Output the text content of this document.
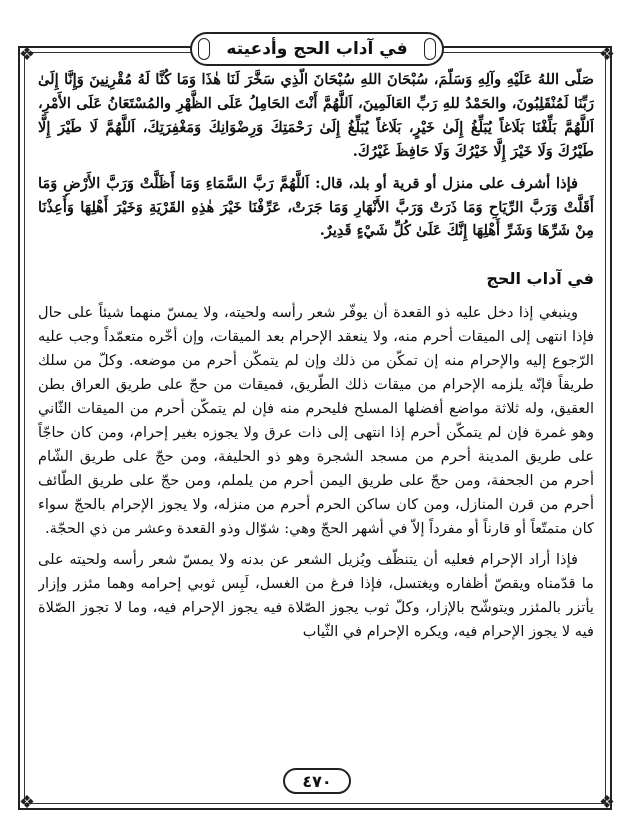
❖	❖
❖	❖
في آداب الحج وأدعيته

صَلَّى اللهُ عَلَيْهِ وآلِهِ وَسَلَّمَ، سُبْحَانَ اللهِ سُبْحَانَ الَّذِي سَخَّرَ لَنَا هٰذَا وَمَا كُنَّا لَهُ مُقْرِنِينَ وَإِنَّا إِلَىٰ رَبِّنَا لَمُنْقَلِبُونَ، والحَمْدُ للهِ رَبِّ العَالَمِينَ، اَللَّهُمَّ أَنْتَ الحَامِلُ عَلَى الظَّهْرِ والمُسْتَعَانُ عَلَى الأَمْرِ، اَللَّهُمَّ بَلِّغْنَا بَلَاغاً يُبَلِّغُ إِلَىٰ خَيْرٍ، بَلَاغاً يُبَلِّغُ إِلَىٰ رَحْمَتِكَ وَرِضْوَانِكَ وَمَغْفِرَتِكَ، اَللَّهُمَّ لَا طَيْرَ إِلَّا طَيْرُكَ وَلَا خَيْرَ إِلَّا خَيْرُكَ وَلَا حَافِظَ غَيْرُكَ.

فإذا أشرف على منزل أو قرية أو بلد، قال: اَللَّهُمَّ رَبَّ السَّمَاءِ وَمَا أَظَلَّتْ وَرَبَّ الأَرْضِ وَمَا أَقَلَّتْ وَرَبَّ الرِّيَاحِ وَمَا ذَرَتْ وَرَبَّ الأَنْهَارِ وَمَا جَرَتْ، عَرِّفْنَا خَيْرَ هٰذِهِ القَرْيَةِ وَخَيْرَ أَهْلِهَا وَأَعِذْنَا مِنْ شَرِّهَا وَشَرِّ أَهْلِهَا إِنَّكَ عَلَىٰ كُلِّ شَيْءٍ قَدِيرٌ.

في آداب الحج

وينبغي إذا دخل عليه ذو القعدة أن يوفّر شعر رأسه ولحيته، ولا يمسّ منهما شيئاً على حال فإذا انتهى إلى الميقات أحرم منه، ولا ينعقد الإحرام بعد الميقات، وإن أخّره متعمّداً وجب عليه الرّجوع إليه والإحرام منه إن تمكّن من ذلك وإن لم يتمكّن أحرم من موضعه. وكلّ من سلك طريقاً فإنّه يلزمه الإحرام من ميقات ذلك الطّريق، فميقات من حجّ على طريق العراق بطن العقيق، وله ثلاثة مواضع أفضلها المسلح فليحرم منه فإن لم يتمكّن أحرم من الميقات الثّاني وهو غمرة فإن لم يتمكّن أحرم إذا انتهى إلى ذات عرق ولا يجوزه بغير إحرام، ومن كان حاجّاً على طريق المدينة أحرم من مسجد الشجرة وهو ذو الحليفة، ومن حجّ على طريق الشّام أحرم من الجحفة، ومن حجّ على طريق اليمن أحرم من يلملم، ومن حجّ على طريق الطّائف أحرم من قرن المنازل، ومن كان ساكن الحرم أحرم من منزله، ولا يجوز الإحرام بالحجّ سواء كان متمتّعاً أو قارناً أو مفرداً إلاّ في أشهر الحجّ وهي: شوّال وذو القعدة وعشر من ذي الحجّة.

فإذا أراد الإحرام فعليه أن يتنظّف ويُزيل الشعر عن بدنه ولا يمسّ شعر رأسه ولحيته على ما قدّمناه ويقصّ أظفاره ويغتسل، فإذا فرغ من الغسل، لَبِس ثوبي إحرامه وهما مئزر وإزار يأتزر بالمئزر ويتوشّح بالإزار، وكلّ ثوب يجوز الصّلاة فيه يجوز الإحرام فيه، وما لا تجوز الصّلاة فيه لا يجوز الإحرام فيه، ويكره الإحرام في الثّياب

٤٧٠
